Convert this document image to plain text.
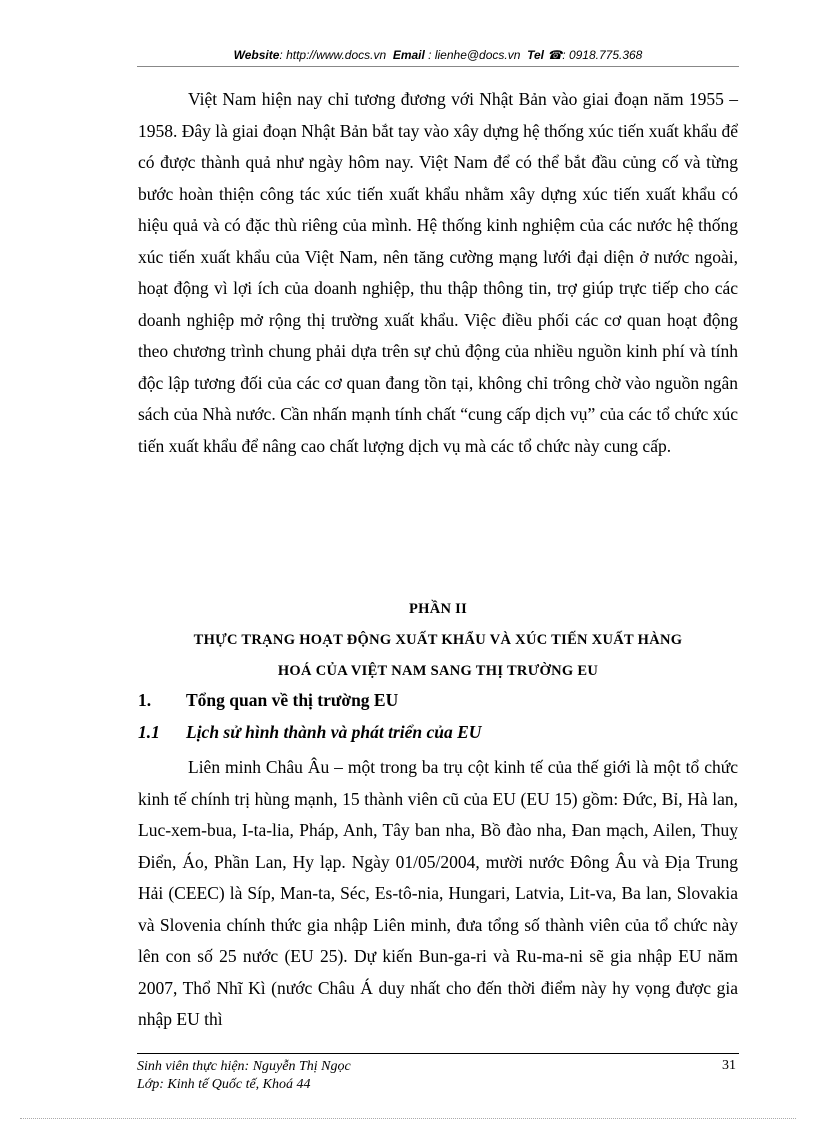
Website: http://www.docs.vn Email : lienhe@docs.vn Tel ☎: 0918.775.368

Việt Nam hiện nay chỉ tương đương với Nhật Bản vào giai đoạn năm 1955 – 1958. Đây là giai đoạn Nhật Bản bắt tay vào xây dựng hệ thống xúc tiến xuất khẩu để có được thành quả như ngày hôm nay. Việt Nam để có thể bắt đầu củng cố và từng bước hoàn thiện công tác xúc tiến xuất khẩu nhằm xây dựng xúc tiến xuất khẩu có hiệu quả và có đặc thù riêng của mình. Hệ thống kinh nghiệm của các nước hệ thống xúc tiến xuất khẩu của Việt Nam, nên tăng cường mạng lưới đại diện ở nước ngoài, hoạt động vì lợi ích của doanh nghiệp, thu thập thông tin, trợ giúp trực tiếp cho các doanh nghiệp mở rộng thị trường xuất khẩu. Việc điều phối các cơ quan hoạt động theo chương trình chung phải dựa trên sự chủ động của nhiều nguồn kinh phí và tính độc lập tương đối của các cơ quan đang tồn tại, không chỉ trông chờ vào nguồn ngân sách của Nhà nước. Cần nhấn mạnh tính chất “cung cấp dịch vụ” của các tổ chức xúc tiến xuất khẩu để nâng cao chất lượng dịch vụ mà các tổ chức này cung cấp.

PHẦN II
THỰC TRẠNG HOẠT ĐỘNG XUẤT KHẨU VÀ XÚC TIẾN XUẤT HÀNG
HOÁ CỦA VIỆT NAM SANG THỊ TRƯỜNG EU
1. Tổng quan về thị trường EU
1.1 Lịch sử hình thành và phát triển của EU

Liên minh Châu Âu – một trong ba trụ cột kinh tế của thế giới là một tổ chức kinh tế chính trị hùng mạnh, 15 thành viên cũ của EU (EU 15) gồm: Đức, Bỉ, Hà lan, Luc-xem-bua, I-ta-lia, Pháp, Anh, Tây ban nha, Bồ đào nha, Đan mạch, Ailen, Thuỵ Điển, Áo, Phần Lan, Hy lạp. Ngày 01/05/2004, mười nước Đông Âu và Địa Trung Hải (CEEC) là Síp, Man-ta, Séc, Es-tô-nia, Hungari, Latvia, Lit-va, Ba lan, Slovakia và Slovenia chính thức gia nhập Liên minh, đưa tổng số thành viên của tổ chức này lên con số 25 nước (EU 25). Dự kiến Bun-ga-ri và Ru-ma-ni sẽ gia nhập EU năm 2007, Thổ Nhĩ Kì (nước Châu Á duy nhất cho đến thời điểm này hy vọng được gia nhập EU thì

Sinh viên thực hiện: Nguyễn Thị Ngọc
Lớp: Kinh tế Quốc tế, Khoá 44
31
